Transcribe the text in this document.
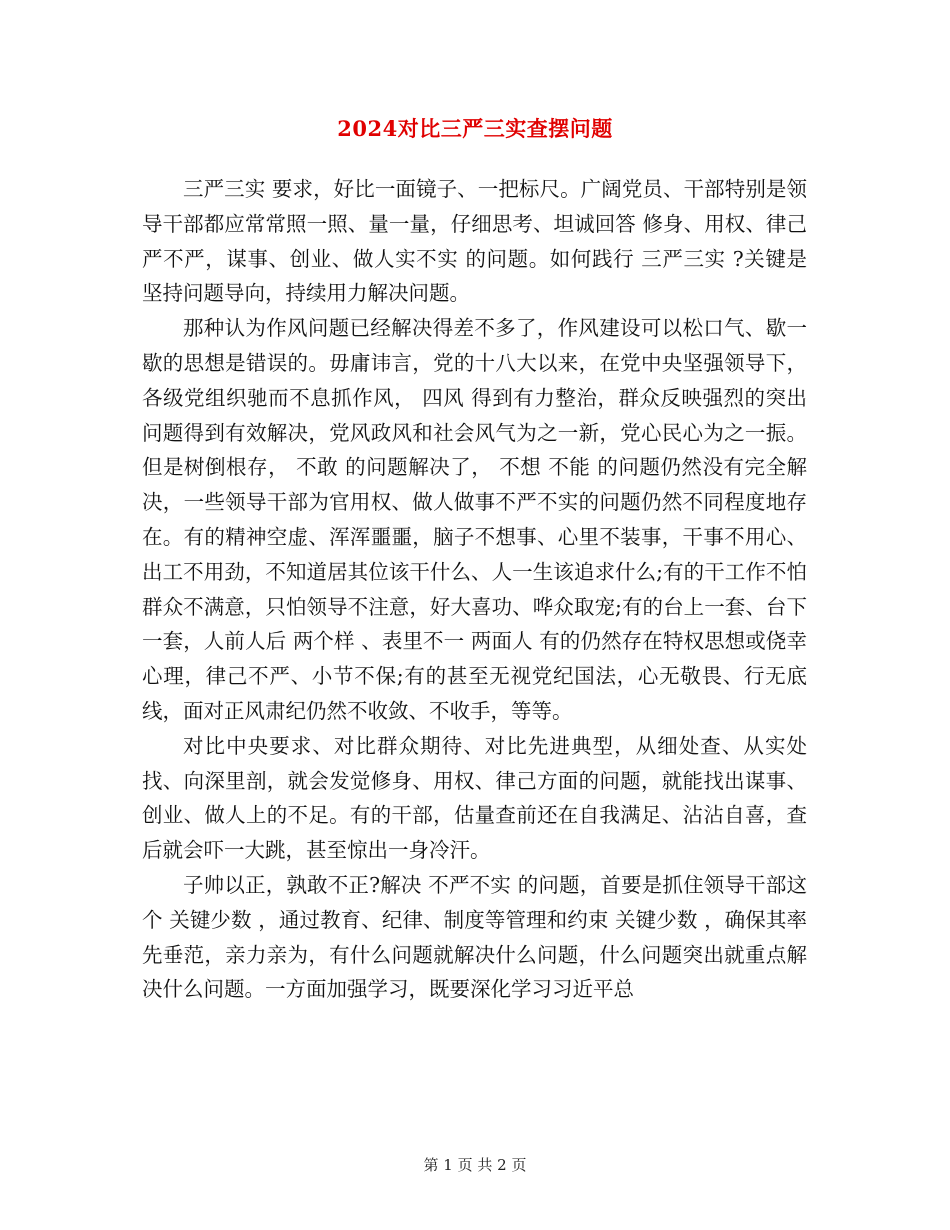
2024对比三严三实查摆问题

三严三实 要求，好比一面镜子、一把标尺。广阔党员、干部特别是领导干部都应常常照一照、量一量，仔细思考、坦诚回答 修身、用权、律己严不严，谋事、创业、做人实不实 的问题。如何践行 三严三实 ?关键是坚持问题导向，持续用力解决问题。

那种认为作风问题已经解决得差不多了，作风建设可以松口气、歇一歇的思想是错误的。毋庸讳言，党的十八大以来，在党中央坚强领导下，各级党组织驰而不息抓作风， 四风 得到有力整治，群众反映强烈的突出问题得到有效解决，党风政风和社会风气为之一新，党心民心为之一振。但是树倒根存， 不敢 的问题解决了， 不想 不能 的问题仍然没有完全解决，一些领导干部为官用权、做人做事不严不实的问题仍然不同程度地存在。有的精神空虚、浑浑噩噩，脑子不想事、心里不装事，干事不用心、出工不用劲，不知道居其位该干什么、人一生该追求什么;有的干工作不怕群众不满意，只怕领导不注意，好大喜功、哗众取宠;有的台上一套、台下一套，人前人后 两个样 、表里不一 两面人 有的仍然存在特权思想或侥幸心理，律己不严、小节不保;有的甚至无视党纪国法，心无敬畏、行无底线，面对正风肃纪仍然不收敛、不收手，等等。

对比中央要求、对比群众期待、对比先进典型，从细处查、从实处找、向深里剖，就会发觉修身、用权、律己方面的问题，就能找出谋事、创业、做人上的不足。有的干部，估量查前还在自我满足、沾沾自喜，查后就会吓一大跳，甚至惊出一身冷汗。

子帅以正，孰敢不正?解决 不严不实 的问题，首要是抓住领导干部这个 关键少数 ，通过教育、纪律、制度等管理和约束 关键少数 ，确保其率先垂范，亲力亲为，有什么问题就解决什么问题，什么问题突出就重点解决什么问题。一方面加强学习，既要深化学习习近平总

第 1 页 共 2 页
